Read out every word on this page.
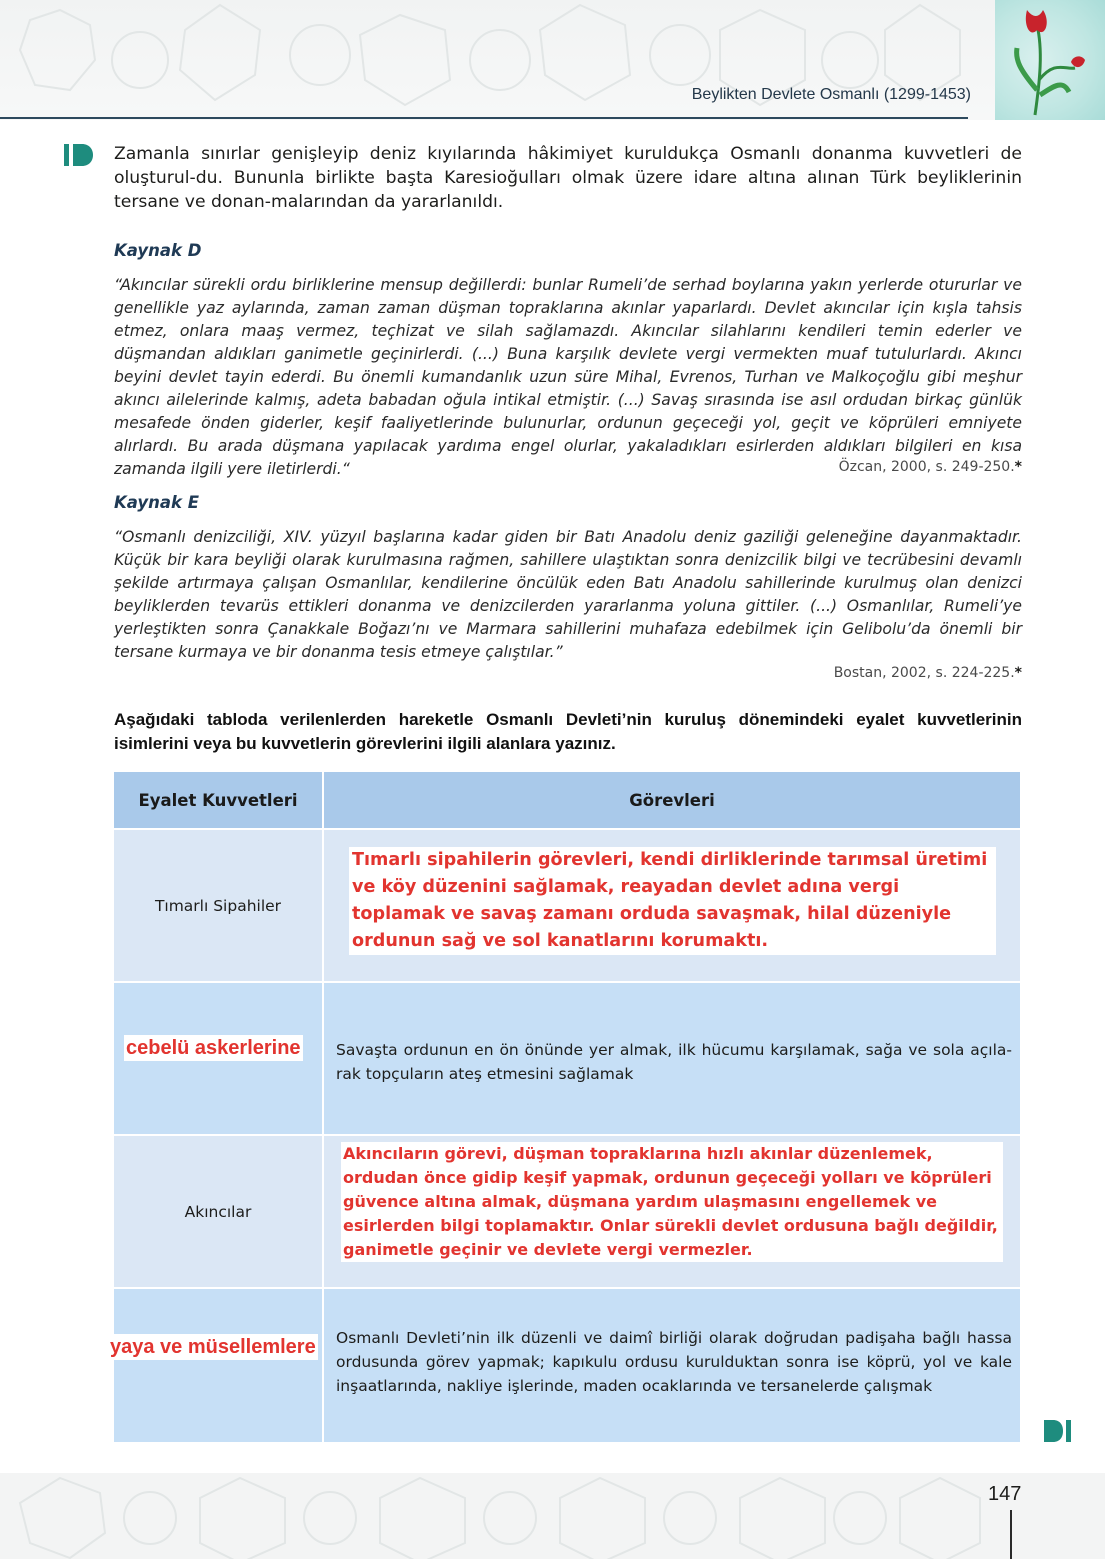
Beylikten Devlete Osmanlı (1299-1453)
Zamanla sınırlar genişleyip deniz kıyılarında hâkimiyet kuruldukça Osmanlı donanma kuvvetleri de oluşturul-du. Bununla birlikte başta Karesioğulları olmak üzere idare altına alınan Türk beyliklerinin tersane ve donan-malarından da yararlanıldı.
Kaynak D
“Akıncılar sürekli ordu birliklerine mensup değillerdi: bunlar Rumeli’de serhad boylarına yakın yerlerde otururlar ve genellikle yaz aylarında, zaman zaman düşman topraklarına akınlar yaparlardı. Devlet akıncılar için kışla tahsis etmez, onlara maaş vermez, teçhizat ve silah sağlamazdı. Akıncılar silahlarını kendileri temin ederler ve düşmandan aldıkları ganimetle geçinirlerdi. (...) Buna karşılık devlete vergi vermekten muaf tutulurlardı. Akıncı beyini devlet tayin ederdi. Bu önemli kumandanlık uzun süre Mihal, Evrenos, Turhan ve Malkoçoğlu gibi meşhur akıncı ailelerinde kalmış, adeta babadan oğula intikal etmiştir. (...) Savaş sırasında ise asıl ordudan birkaç günlük mesafede önden giderler, keşif faaliyetlerinde bulunurlar, ordunun geçeceği yol, geçit ve köprüleri emniyete alırlardı. Bu arada düşmana yapılacak yardıma engel olurlar, yakaladıkları esirlerden aldıkları bilgileri en kısa zamanda ilgili yere iletirlerdi.“	Özcan, 2000, s. 249-250.*
Kaynak E
“Osmanlı denizciliği, XIV. yüzyıl başlarına kadar giden bir Batı Anadolu deniz gaziliği geleneğine dayanmaktadır. Küçük bir kara beyliği olarak kurulmasına rağmen, sahillere ulaştıktan sonra denizcilik bilgi ve tecrübesini devamlı şekilde artırmaya çalışan Osmanlılar, kendilerine öncülük eden Batı Anadolu sahillerinde kurulmuş olan denizci beyliklerden tevarüs ettikleri donanma ve denizcilerden yararlanma yoluna gittiler. (...) Osmanlılar, Rumeli’ye yerleştikten sonra Çanakkale Boğazı’nı ve Marmara sahillerini muhafaza edebilmek için Gelibolu’da önemli bir tersane kurmaya ve bir donanma tesis etmeye çalıştılar.”
Bostan, 2002, s. 224-225.*
Aşağıdaki tabloda verilenlerden hareketle Osmanlı Devleti’nin kuruluş dönemindeki eyalet kuvvetlerinin isimlerini veya bu kuvvetlerin görevlerini ilgili alanlara yazınız.
Eyalet Kuvvetleri	Görevleri
Tımarlı Sipahiler
Tımarlı sipahilerin görevleri, kendi dirliklerinde tarımsal üretimi ve köy düzenini sağlamak, reayadan devlet adına vergi toplamak ve savaş zamanı orduda savaşmak, hilal düzeniyle ordunun sağ ve sol kanatlarını korumaktı.
cebelü askerlerine Savaşta ordunun en ön önünde yer almak, ilk hücumu karşılamak, sağa ve sola açıla-rak topçuların ateş etmesini sağlamak
Akıncılar
Akıncıların görevi, düşman topraklarına hızlı akınlar düzenlemek, ordudan önce gidip keşif yapmak, ordunun geçeceği yolları ve köprüleri güvence altına almak, düşmana yardım ulaşmasını engellemek ve esirlerden bilgi toplamaktır. Onlar sürekli devlet ordusuna bağlı değildir, ganimetle geçinir ve devlete vergi vermezler.
Osmanlı Devleti’nin ilk düzenli ve daimî birliği olarak doğrudan padişaha bağlı hassa ordusunda görev yapmak; kapıkulu ordusu kurulduktan sonra ise köprü, yol ve kale inşaatlarında, nakliye işlerinde, maden ocaklarında ve tersanelerde çalışmak
yaya ve müsellemlere
147
